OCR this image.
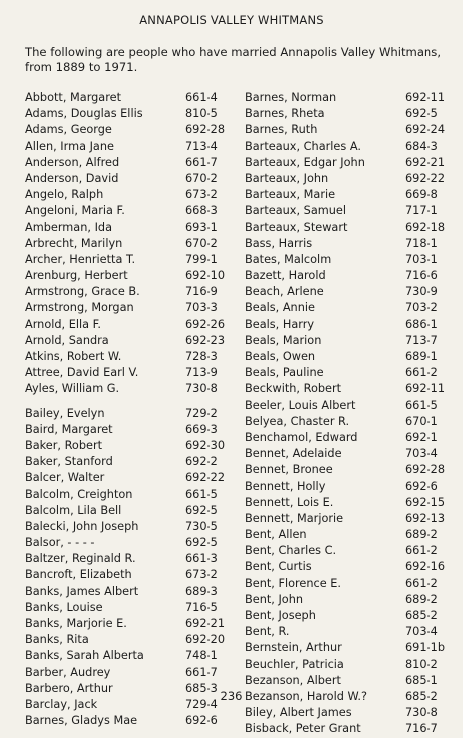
ANNAPOLIS VALLEY WHITMANS
The following are people who have married Annapolis Valley Whitmans, from 1889 to 1971.
Abbott, Margaret	661-4
Adams, Douglas Ellis	810-5
Adams, George	692-28
Allen, Irma Jane	713-4
Anderson, Alfred	661-7
Anderson, David	670-2
Angelo, Ralph	673-2
Angeloni, Maria F.	668-3
Amberman, Ida	693-1
Arbrecht, Marilyn	670-2
Archer, Henrietta T.	799-1
Arenburg, Herbert	692-10
Armstrong, Grace B.	716-9
Armstrong, Morgan	703-3
Arnold, Ella F.	692-26
Arnold, Sandra	692-23
Atkins, Robert W.	728-3
Attree, David Earl V.	713-9
Ayles, William G.	730-8
Bailey, Evelyn	729-2
Baird, Margaret	669-3
Baker, Robert	692-30
Baker, Stanford	692-2
Balcer, Walter	692-22
Balcolm, Creighton	661-5
Balcolm, Lila Bell	692-5
Balecki, John Joseph	730-5
Balsor, - - - -	692-5
Baltzer, Reginald R.	661-3
Bancroft, Elizabeth	673-2
Banks, James Albert	689-3
Banks, Louise	716-5
Banks, Marjorie E.	692-21
Banks, Rita	692-20
Banks, Sarah Alberta	748-1
Barber, Audrey	661-7
Barbero, Arthur	685-3
Barclay, Jack	729-4
Barnes, Gladys Mae	692-6
Barnes, Norman	692-11
Barnes, Rheta	692-5
Barnes, Ruth	692-24
Barteaux, Charles A.	684-3
Barteaux, Edgar John	692-21
Barteaux, John	692-22
Barteaux, Marie	669-8
Barteaux, Samuel	717-1
Barteaux, Stewart	692-18
Bass, Harris	718-1
Bates, Malcolm	703-1
Bazett, Harold	716-6
Beach, Arlene	730-9
Beals, Annie	703-2
Beals, Harry	686-1
Beals, Marion	713-7
Beals, Owen	689-1
Beals, Pauline	661-2
Beckwith, Robert	692-11
Beeler, Louis Albert	661-5
Belyea, Chaster R.	670-1
Benchamol, Edward	692-1
Bennet, Adelaide	703-4
Bennet, Bronee	692-28
Bennett, Holly	692-6
Bennett, Lois E.	692-15
Bennett, Marjorie	692-13
Bent, Allen	689-2
Bent, Charles C.	661-2
Bent, Curtis	692-16
Bent, Florence E.	661-2
Bent, John	689-2
Bent, Joseph	685-2
Bent, R.	703-4
Bernstein, Arthur	691-1b
Beuchler, Patricia	810-2
Bezanson, Albert	685-1
Bezanson, Harold W.?	685-2
Biley, Albert James	730-8
Bisback, Peter Grant	716-7
236
